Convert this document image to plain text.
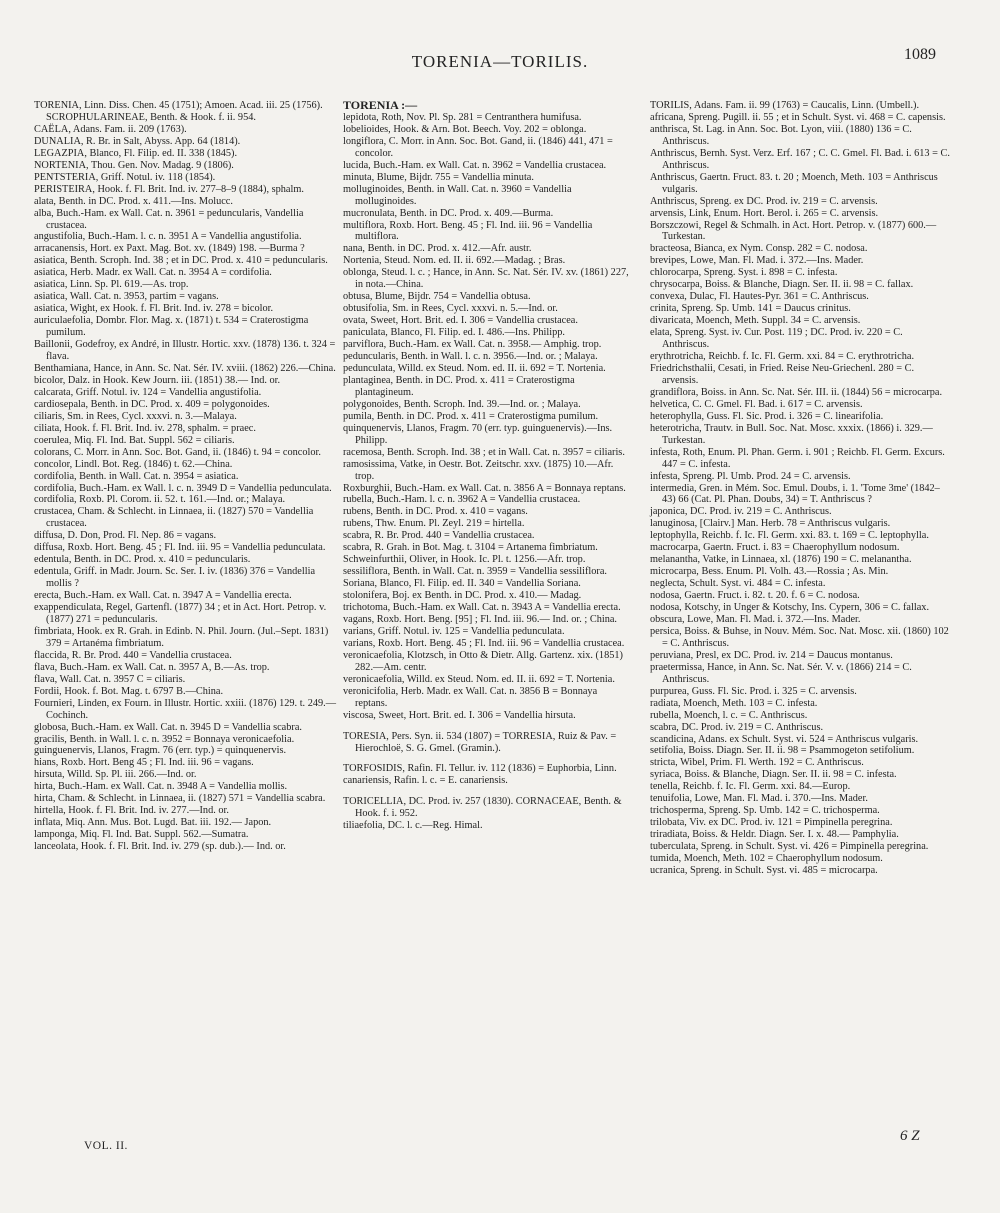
TORENIA—TORILIS.	1089

TORENIA, Linn. Diss. Chen. 45 (1751); Amoen. Acad. iii. 25 (1756). SCROPHULARINEAE, Benth. & Hook. f. ii. 954.

CAËLA, Adans. Fam. ii. 209 (1763).

DUNALIA, R. Br. in Salt, Abyss. App. 64 (1814).

LEGAZPIA, Blanco, Fl. Filip. ed. II. 338 (1845).

NORTENIA, Thou. Gen. Nov. Madag. 9 (1806).

PENTSTERIA, Griff. Notul. iv. 118 (1854).

PERISTEIRA, Hook. f. Fl. Brit. Ind. iv. 277–8–9 (1884), sphalm.

alata, Benth. in DC. Prod. x. 411.—Ins. Molucc.

alba, Buch.-Ham. ex Wall. Cat. n. 3961 = peduncularis, Vandellia crustacea.

angustifolia, Buch.-Ham. l. c. n. 3951 A = Vandellia angustifolia.

arracanensis, Hort. ex Paxt. Mag. Bot. xv. (1849) 198. —Burma ?

asiatica, Benth. Scroph. Ind. 38 ; et in DC. Prod. x. 410 = peduncularis.

asiatica, Herb. Madr. ex Wall. Cat. n. 3954 A = cordifolia.

asiatica, Linn. Sp. Pl. 619.—As. trop.

asiatica, Wall. Cat. n. 3953, partim = vagans.

asiatica, Wight, ex Hook. f. Fl. Brit. Ind. iv. 278 = bicolor.

auriculaefolia, Dombr. Flor. Mag. x. (1871) t. 534 = Craterostigma pumilum.

Baillonii, Godefroy, ex André, in Illustr. Hortic. xxv. (1878) 136. t. 324 = flava.

Benthamiana, Hance, in Ann. Sc. Nat. Sér. IV. xviii. (1862) 226.—China.

bicolor, Dalz. in Hook. Kew Journ. iii. (1851) 38.— Ind. or.

calcarata, Griff. Notul. iv. 124 = Vandellia angustifolia.

cardiosepala, Benth. in DC. Prod. x. 409 = polygonoides.

ciliaris, Sm. in Rees, Cycl. xxxvi. n. 3.—Malaya.

ciliata, Hook. f. Fl. Brit. Ind. iv. 278, sphalm. = praec.

coerulea, Miq. Fl. Ind. Bat. Suppl. 562 = ciliaris.

colorans, C. Morr. in Ann. Soc. Bot. Gand, ii. (1846) t. 94 = concolor.

concolor, Lindl. Bot. Reg. (1846) t. 62.—China.

cordifolia, Benth. in Wall. Cat. n. 3954 = asiatica.

cordifolia, Buch.-Ham. ex Wall. l. c. n. 3949 D = Vandellia pedunculata.

cordifolia, Roxb. Pl. Corom. ii. 52. t. 161.—Ind. or.; Malaya.

crustacea, Cham. & Schlecht. in Linnaea, ii. (1827) 570 = Vandellia crustacea.

diffusa, D. Don, Prod. Fl. Nep. 86 = vagans.

diffusa, Roxb. Hort. Beng. 45 ; Fl. Ind. iii. 95 = Vandellia pedunculata.

edentula, Benth. in DC. Prod. x. 410 = peduncularis.

edentula, Griff. in Madr. Journ. Sc. Ser. I. iv. (1836) 376 = Vandellia mollis ?

erecta, Buch.-Ham. ex Wall. Cat. n. 3947 A = Vandellia erecta.

exappendiculata, Regel, Gartenfl. (1877) 34 ; et in Act. Hort. Petrop. v. (1877) 271 = peduncularis.

fimbriata, Hook. ex R. Grah. in Edinb. N. Phil. Journ. (Jul.–Sept. 1831) 379 = Artanéma fimbriatum.

flaccida, R. Br. Prod. 440 = Vandellia crustacea.

flava, Buch.-Ham. ex Wall. Cat. n. 3957 A, B.—As. trop.

flava, Wall. Cat. n. 3957 C = ciliaris.

Fordii, Hook. f. Bot. Mag. t. 6797 B.—China.

Fournieri, Linden, ex Fourn. in Illustr. Hortic. xxiii. (1876) 129. t. 249.—Cochinch.

globosa, Buch.-Ham. ex Wall. Cat. n. 3945 D = Vandellia scabra.

gracilis, Benth. in Wall. l. c. n. 3952 = Bonnaya veronicaefolia.

guinguenervis, Llanos, Fragm. 76 (err. typ.) = quinquenervis.

hians, Roxb. Hort. Beng 45 ; Fl. Ind. iii. 96 = vagans.

hirsuta, Willd. Sp. Pl. iii. 266.—Ind. or.

hirta, Buch.-Ham. ex Wall. Cat. n. 3948 A = Vandellia mollis.

hirta, Cham. & Schlecht. in Linnaea, ii. (1827) 571 = Vandellia scabra.

hirtella, Hook. f. Fl. Brit. Ind. iv. 277.—Ind. or.

inflata, Miq. Ann. Mus. Bot. Lugd. Bat. iii. 192.— Japon.

lamponga, Miq. Fl. Ind. Bat. Suppl. 562.—Sumatra.

lanceolata, Hook. f. Fl. Brit. Ind. iv. 279 (sp. dub.).— Ind. or.

TORENIA :—

lepidota, Roth, Nov. Pl. Sp. 281 = Centranthera humifusa.

lobelioides, Hook. & Arn. Bot. Beech. Voy. 202 = oblonga.

longiflora, C. Morr. in Ann. Soc. Bot. Gand, ii. (1846) 441, 471 = concolor.

lucida, Buch.-Ham. ex Wall. Cat. n. 3962 = Vandellia crustacea.

minuta, Blume, Bijdr. 755 = Vandellia minuta.

molluginoides, Benth. in Wall. Cat. n. 3960 = Vandellia molluginoides.

mucronulata, Benth. in DC. Prod. x. 409.—Burma.

multiflora, Roxb. Hort. Beng. 45 ; Fl. Ind. iii. 96 = Vandellia multiflora.

nana, Benth. in DC. Prod. x. 412.—Afr. austr.

Nortenia, Steud. Nom. ed. II. ii. 692.—Madag. ; Bras.

oblonga, Steud. l. c. ; Hance, in Ann. Sc. Nat. Sér. IV. xv. (1861) 227, in nota.—China.

obtusa, Blume, Bijdr. 754 = Vandellia obtusa.

obtusifolia, Sm. in Rees, Cycl. xxxvi. n. 5.—Ind. or.

ovata, Sweet, Hort. Brit. ed. I. 306 = Vandellia crustacea.

paniculata, Blanco, Fl. Filip. ed. I. 486.—Ins. Philipp.

parviflora, Buch.-Ham. ex Wall. Cat. n. 3958.— Amphig. trop.

peduncularis, Benth. in Wall. l. c. n. 3956.—Ind. or. ; Malaya.

pedunculata, Willd. ex Steud. Nom. ed. II. ii. 692 = T. Nortenia.

plantaginea, Benth. in DC. Prod. x. 411 = Craterostigma plantagineum.

polygonoides, Benth. Scroph. Ind. 39.—Ind. or. ; Malaya.

pumila, Benth. in DC. Prod. x. 411 = Craterostigma pumilum.

quinquenervis, Llanos, Fragm. 70 (err. typ. guinguenervis).—Ins. Philipp.

racemosa, Benth. Scroph. Ind. 38 ; et in Wall. Cat. n. 3957 = ciliaris.

ramosissima, Vatke, in Oestr. Bot. Zeitschr. xxv. (1875) 10.—Afr. trop.

Roxburghii, Buch.-Ham. ex Wall. Cat. n. 3856 A = Bonnaya reptans.

rubella, Buch.-Ham. l. c. n. 3962 A = Vandellia crustacea.

rubens, Benth. in DC. Prod. x. 410 = vagans.

rubens, Thw. Enum. Pl. Zeyl. 219 = hirtella.

scabra, R. Br. Prod. 440 = Vandellia crustacea.

scabra, R. Grah. in Bot. Mag. t. 3104 = Artanema fimbriatum.

Schweinfurthii, Oliver, in Hook. Ic. Pl. t. 1256.—Afr. trop.

sessiliflora, Benth. in Wall. Cat. n. 3959 = Vandellia sessiliflora.

Soriana, Blanco, Fl. Filip. ed. II. 340 = Vandellia Soriana.

stolonifera, Boj. ex Benth. in DC. Prod. x. 410.— Madag.

trichotoma, Buch.-Ham. ex Wall. Cat. n. 3943 A = Vandellia erecta.

vagans, Roxb. Hort. Beng. [95] ; Fl. Ind. iii. 96.— Ind. or. ; China.

varians, Griff. Notul. iv. 125 = Vandellia pedunculata.

varians, Roxb. Hort. Beng. 45 ; Fl. Ind. iii. 96 = Vandellia crustacea.

veronicaefolia, Klotzsch, in Otto & Dietr. Allg. Gartenz. xix. (1851) 282.—Am. centr.

veronicaefolia, Willd. ex Steud. Nom. ed. II. ii. 692 = T. Nortenia.

veronicifolia, Herb. Madr. ex Wall. Cat. n. 3856 B = Bonnaya reptans.

viscosa, Sweet, Hort. Brit. ed. I. 306 = Vandellia hirsuta.

TORESIA, Pers. Syn. ii. 534 (1807) = TORRESIA, Ruiz & Pav. = Hierochloë, S. G. Gmel. (Gramin.).

TORFOSIDIS, Rafin. Fl. Tellur. iv. 112 (1836) = Euphorbia, Linn.

canariensis, Rafin. l. c. = E. canariensis.

TORICELLIA, DC. Prod. iv. 257 (1830). CORNACEAE, Benth. & Hook. f. i. 952.

tiliaefolia, DC. l. c.—Reg. Himal.

TORILIS, Adans. Fam. ii. 99 (1763) = Caucalis, Linn. (Umbell.).

africana, Spreng. Pugill. ii. 55 ; et in Schult. Syst. vi. 468 = C. capensis.

anthrisca, St. Lag. in Ann. Soc. Bot. Lyon, viii. (1880) 136 = C. Anthriscus.

Anthriscus, Bernh. Syst. Verz. Erf. 167 ; C. C. Gmel. Fl. Bad. i. 613 = C. Anthriscus.

Anthriscus, Gaertn. Fruct. 83. t. 20 ; Moench, Meth. 103 = Anthriscus vulgaris.

Anthriscus, Spreng. ex DC. Prod. iv. 219 = C. arvensis.

arvensis, Link, Enum. Hort. Berol. i. 265 = C. arvensis.

Borszczowi, Regel & Schmalh. in Act. Hort. Petrop. v. (1877) 600.—Turkestan.

bracteosa, Bianca, ex Nym. Consp. 282 = C. nodosa.

brevipes, Lowe, Man. Fl. Mad. i. 372.—Ins. Mader.

chlorocarpa, Spreng. Syst. i. 898 = C. infesta.

chrysocarpa, Boiss. & Blanche, Diagn. Ser. II. ii. 98 = C. fallax.

convexa, Dulac, Fl. Hautes-Pyr. 361 = C. Anthriscus.

crinita, Spreng. Sp. Umb. 141 = Daucus crinitus.

divaricata, Moench, Meth. Suppl. 34 = C. arvensis.

elata, Spreng. Syst. iv. Cur. Post. 119 ; DC. Prod. iv. 220 = C. Anthriscus.

erythrotricha, Reichb. f. Ic. Fl. Germ. xxi. 84 = C. erythrotricha.

Friedrichsthalii, Cesati, in Fried. Reise Neu-Griechenl. 280 = C. arvensis.

grandiflora, Boiss. in Ann. Sc. Nat. Sér. III. ii. (1844) 56 = microcarpa.

helvetica, C. C. Gmel. Fl. Bad. i. 617 = C. arvensis.

heterophylla, Guss. Fl. Sic. Prod. i. 326 = C. linearifolia.

heterotricha, Trautv. in Bull. Soc. Nat. Mosc. xxxix. (1866) i. 329.—Turkestan.

infesta, Roth, Enum. Pl. Phan. Germ. i. 901 ; Reichb. Fl. Germ. Excurs. 447 = C. infesta.

infesta, Spreng. Pl. Umb. Prod. 24 = C. arvensis.

intermedia, Gren. in Mém. Soc. Emul. Doubs, i. 1. 'Tome 3me' (1842–43) 66 (Cat. Pl. Phan. Doubs, 34) = T. Anthriscus ?

japonica, DC. Prod. iv. 219 = C. Anthriscus.

lanuginosa, [Clairv.] Man. Herb. 78 = Anthriscus vulgaris.

leptophylla, Reichb. f. Ic. Fl. Germ. xxi. 83. t. 169 = C. leptophylla.

macrocarpa, Gaertn. Fruct. i. 83 = Chaerophyllum nodosum.

melanantha, Vatke, in Linnaea, xl. (1876) 190 = C. melanantha.

microcarpa, Bess. Enum. Pl. Volh. 43.—Rossia ; As. Min.

neglecta, Schult. Syst. vi. 484 = C. infesta.

nodosa, Gaertn. Fruct. i. 82. t. 20. f. 6 = C. nodosa.

nodosa, Kotschy, in Unger & Kotschy, Ins. Cypern, 306 = C. fallax.

obscura, Lowe, Man. Fl. Mad. i. 372.—Ins. Mader.

persica, Boiss. & Buhse, in Nouv. Mém. Soc. Nat. Mosc. xii. (1860) 102 = C. Anthriscus.

peruviana, Presl, ex DC. Prod. iv. 214 = Daucus montanus.

praetermissa, Hance, in Ann. Sc. Nat. Sér. V. v. (1866) 214 = C. Anthriscus.

purpurea, Guss. Fl. Sic. Prod. i. 325 = C. arvensis.

radiata, Moench, Meth. 103 = C. infesta.

rubella, Moench, l. c. = C. Anthriscus.

scabra, DC. Prod. iv. 219 = C. Anthriscus.

scandicina, Adans. ex Schult. Syst. vi. 524 = Anthriscus vulgaris.

setifolia, Boiss. Diagn. Ser. II. ii. 98 = Psammogeton setifolium.

stricta, Wibel, Prim. Fl. Werth. 192 = C. Anthriscus.

syriaca, Boiss. & Blanche, Diagn. Ser. II. ii. 98 = C. infesta.

tenella, Reichb. f. Ic. Fl. Germ. xxi. 84.—Europ.

tenuifolia, Lowe, Man. Fl. Mad. i. 370.—Ins. Mader.

trichosperma, Spreng. Sp. Umb. 142 = C. trichosperma.

trilobata, Viv. ex DC. Prod. iv. 121 = Pimpinella peregrina.

triradiata, Boiss. & Heldr. Diagn. Ser. I. x. 48.— Pamphylia.

tuberculata, Spreng. in Schult. Syst. vi. 426 = Pimpinella peregrina.

tumida, Moench, Meth. 102 = Chaerophyllum nodosum.

ucranica, Spreng. in Schult. Syst. vi. 485 = microcarpa.

VOL. II.
6 Z
